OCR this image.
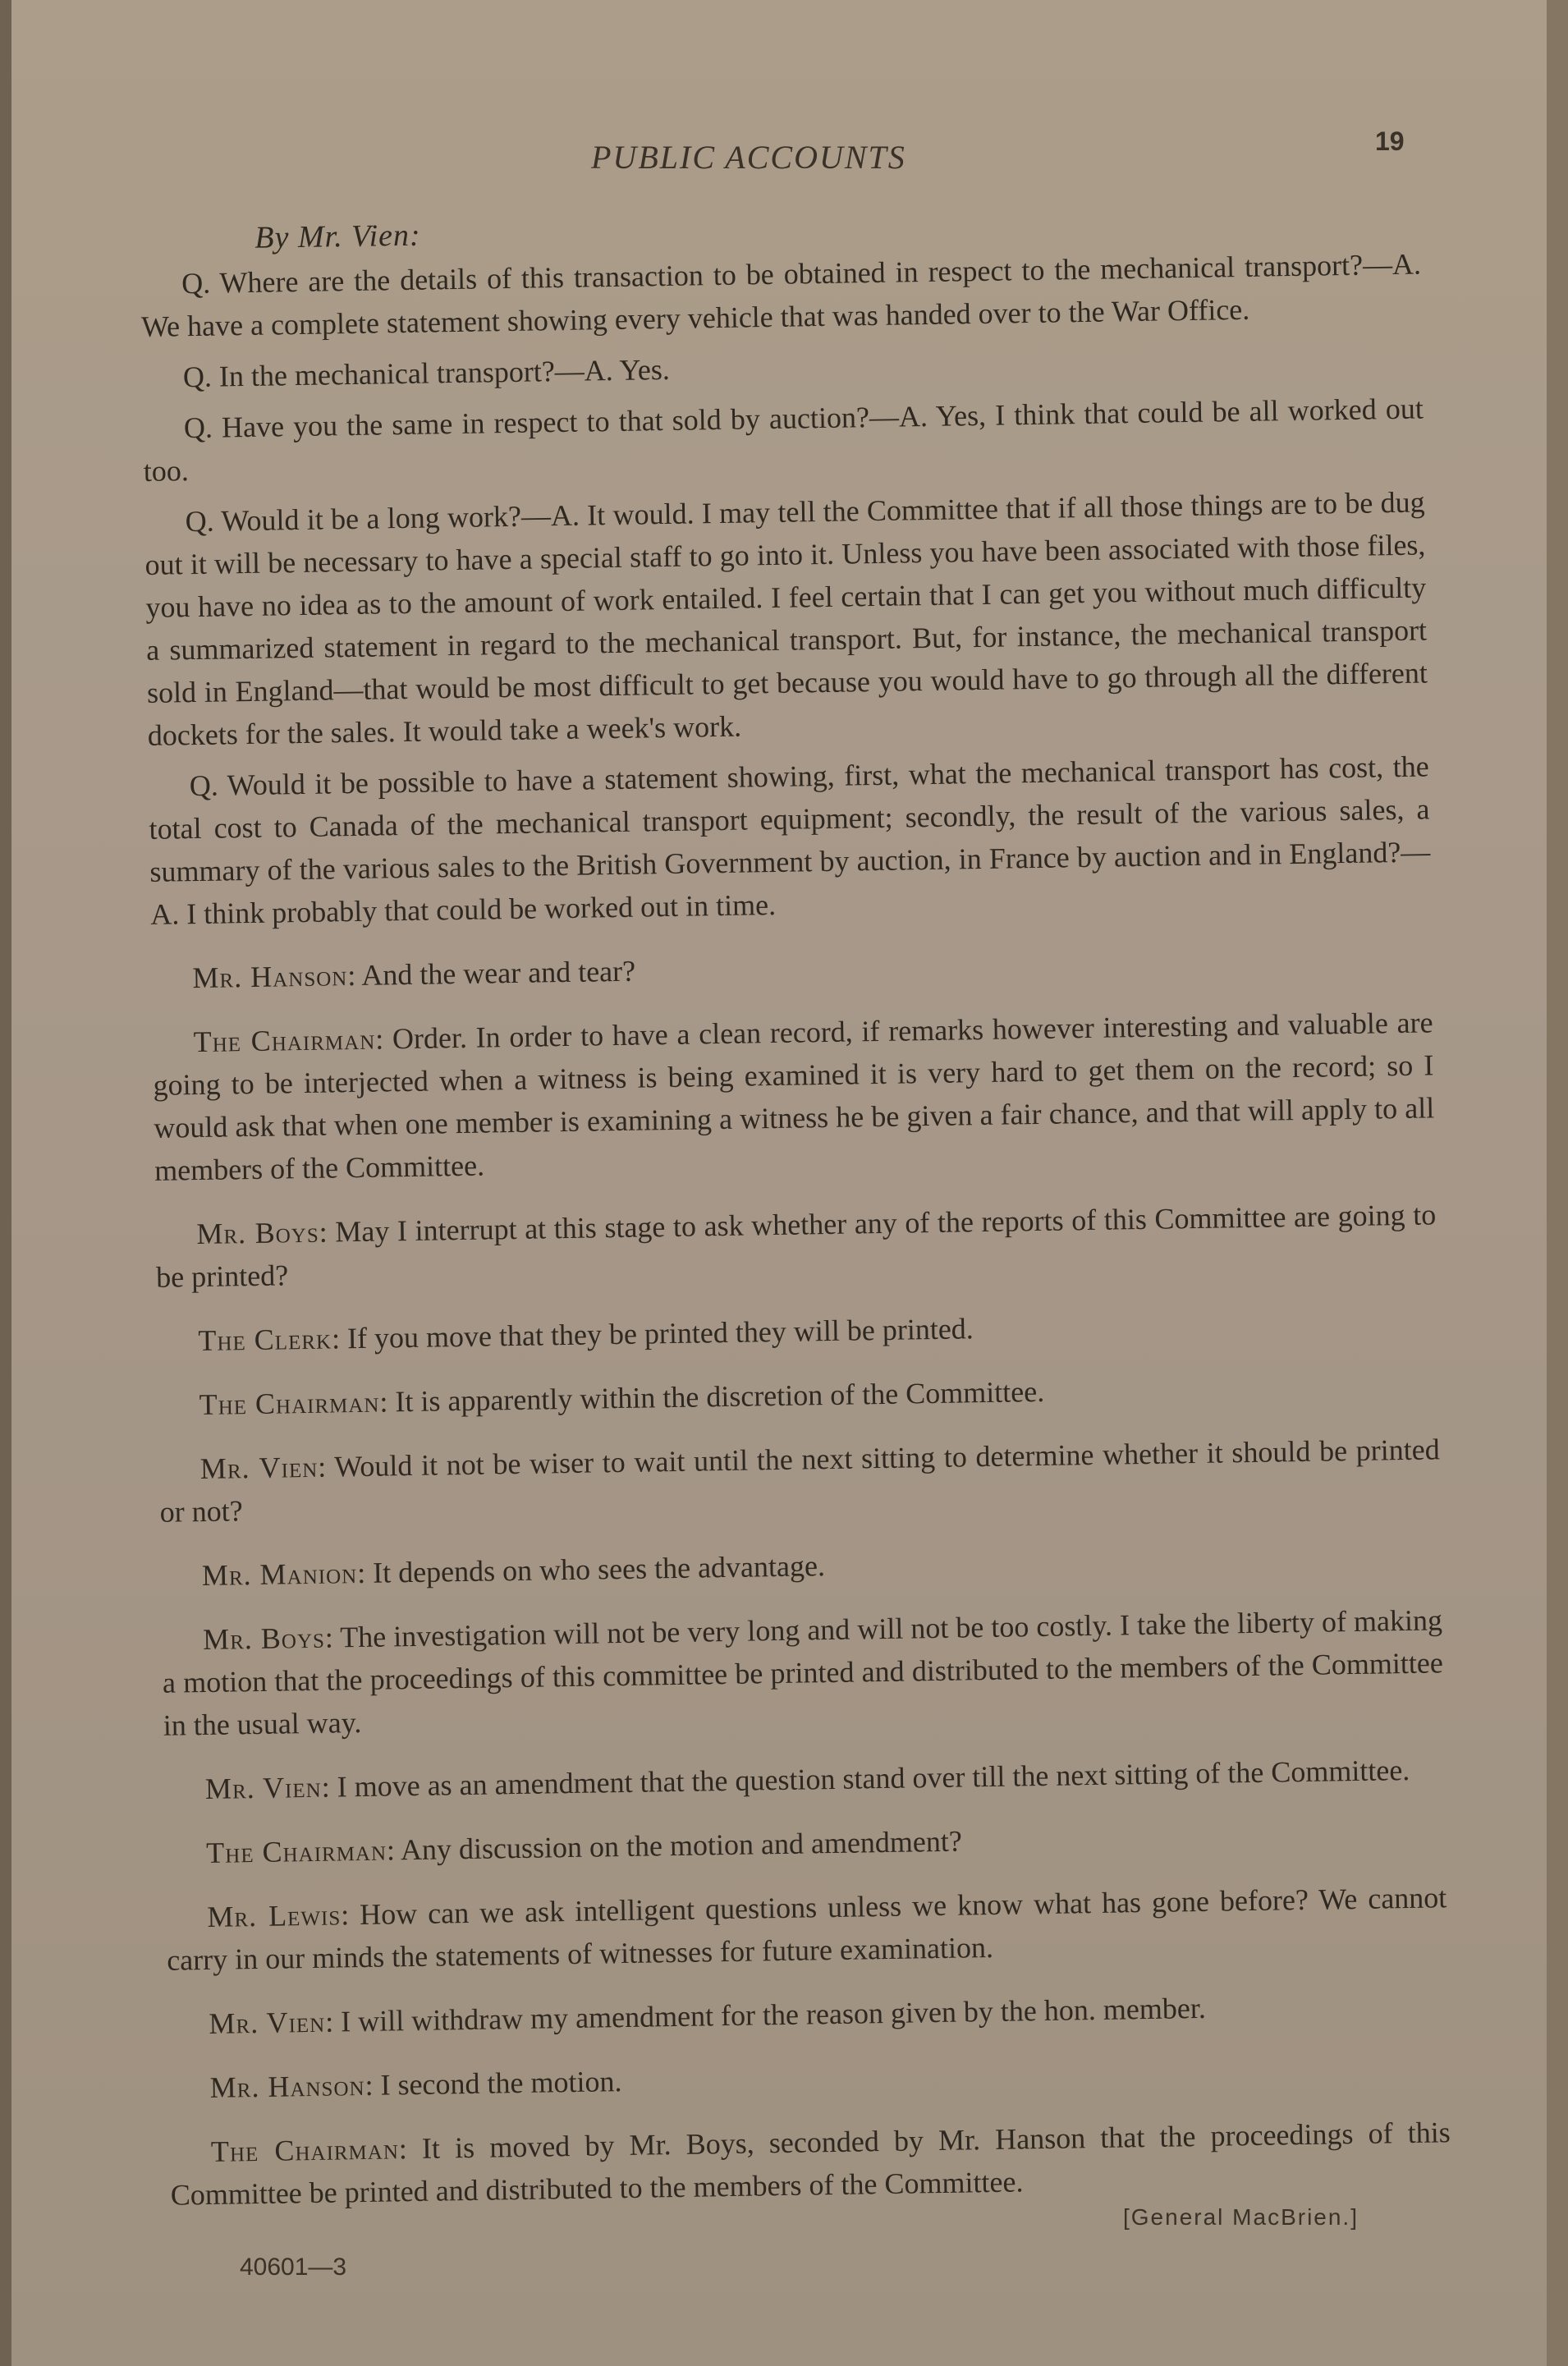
PUBLIC ACCOUNTS	19
By Mr. Vien:

Q. Where are the details of this transaction to be obtained in respect to the mechanical transport?—A. We have a complete statement showing every vehicle that was handed over to the War Office.

Q. In the mechanical transport?—A. Yes.

Q. Have you the same in respect to that sold by auction?—A. Yes, I think that could be all worked out too.

Q. Would it be a long work?—A. It would. I may tell the Committee that if all those things are to be dug out it will be necessary to have a special staff to go into it. Unless you have been associated with those files, you have no idea as to the amount of work entailed. I feel certain that I can get you without much difficulty a summarized statement in regard to the mechanical transport. But, for instance, the mechanical transport sold in England—that would be most difficult to get because you would have to go through all the different dockets for the sales. It would take a week's work.

Q. Would it be possible to have a statement showing, first, what the mechanical transport has cost, the total cost to Canada of the mechanical transport equipment; secondly, the result of the various sales, a summary of the various sales to the British Government by auction, in France by auction and in England?—A. I think probably that could be worked out in time.

Mr. Hanson: And the wear and tear?

The Chairman: Order. In order to have a clean record, if remarks however interesting and valuable are going to be interjected when a witness is being examined it is very hard to get them on the record; so I would ask that when one member is examining a witness he be given a fair chance, and that will apply to all members of the Committee.

Mr. Boys: May I interrupt at this stage to ask whether any of the reports of this Committee are going to be printed?

The Clerk: If you move that they be printed they will be printed.

The Chairman: It is apparently within the discretion of the Committee.

Mr. Vien: Would it not be wiser to wait until the next sitting to determine whether it should be printed or not?

Mr. Manion: It depends on who sees the advantage.

Mr. Boys: The investigation will not be very long and will not be too costly. I take the liberty of making a motion that the proceedings of this committee be printed and distributed to the members of the Committee in the usual way.

Mr. Vien: I move as an amendment that the question stand over till the next sitting of the Committee.

The Chairman: Any discussion on the motion and amendment?

Mr. Lewis: How can we ask intelligent questions unless we know what has gone before? We cannot carry in our minds the statements of witnesses for future examination.

Mr. Vien: I will withdraw my amendment for the reason given by the hon. member.

Mr. Hanson: I second the motion.

The Chairman: It is moved by Mr. Boys, seconded by Mr. Hanson that the proceedings of this Committee be printed and distributed to the members of the Committee.

[General MacBrien.]
40601—3
